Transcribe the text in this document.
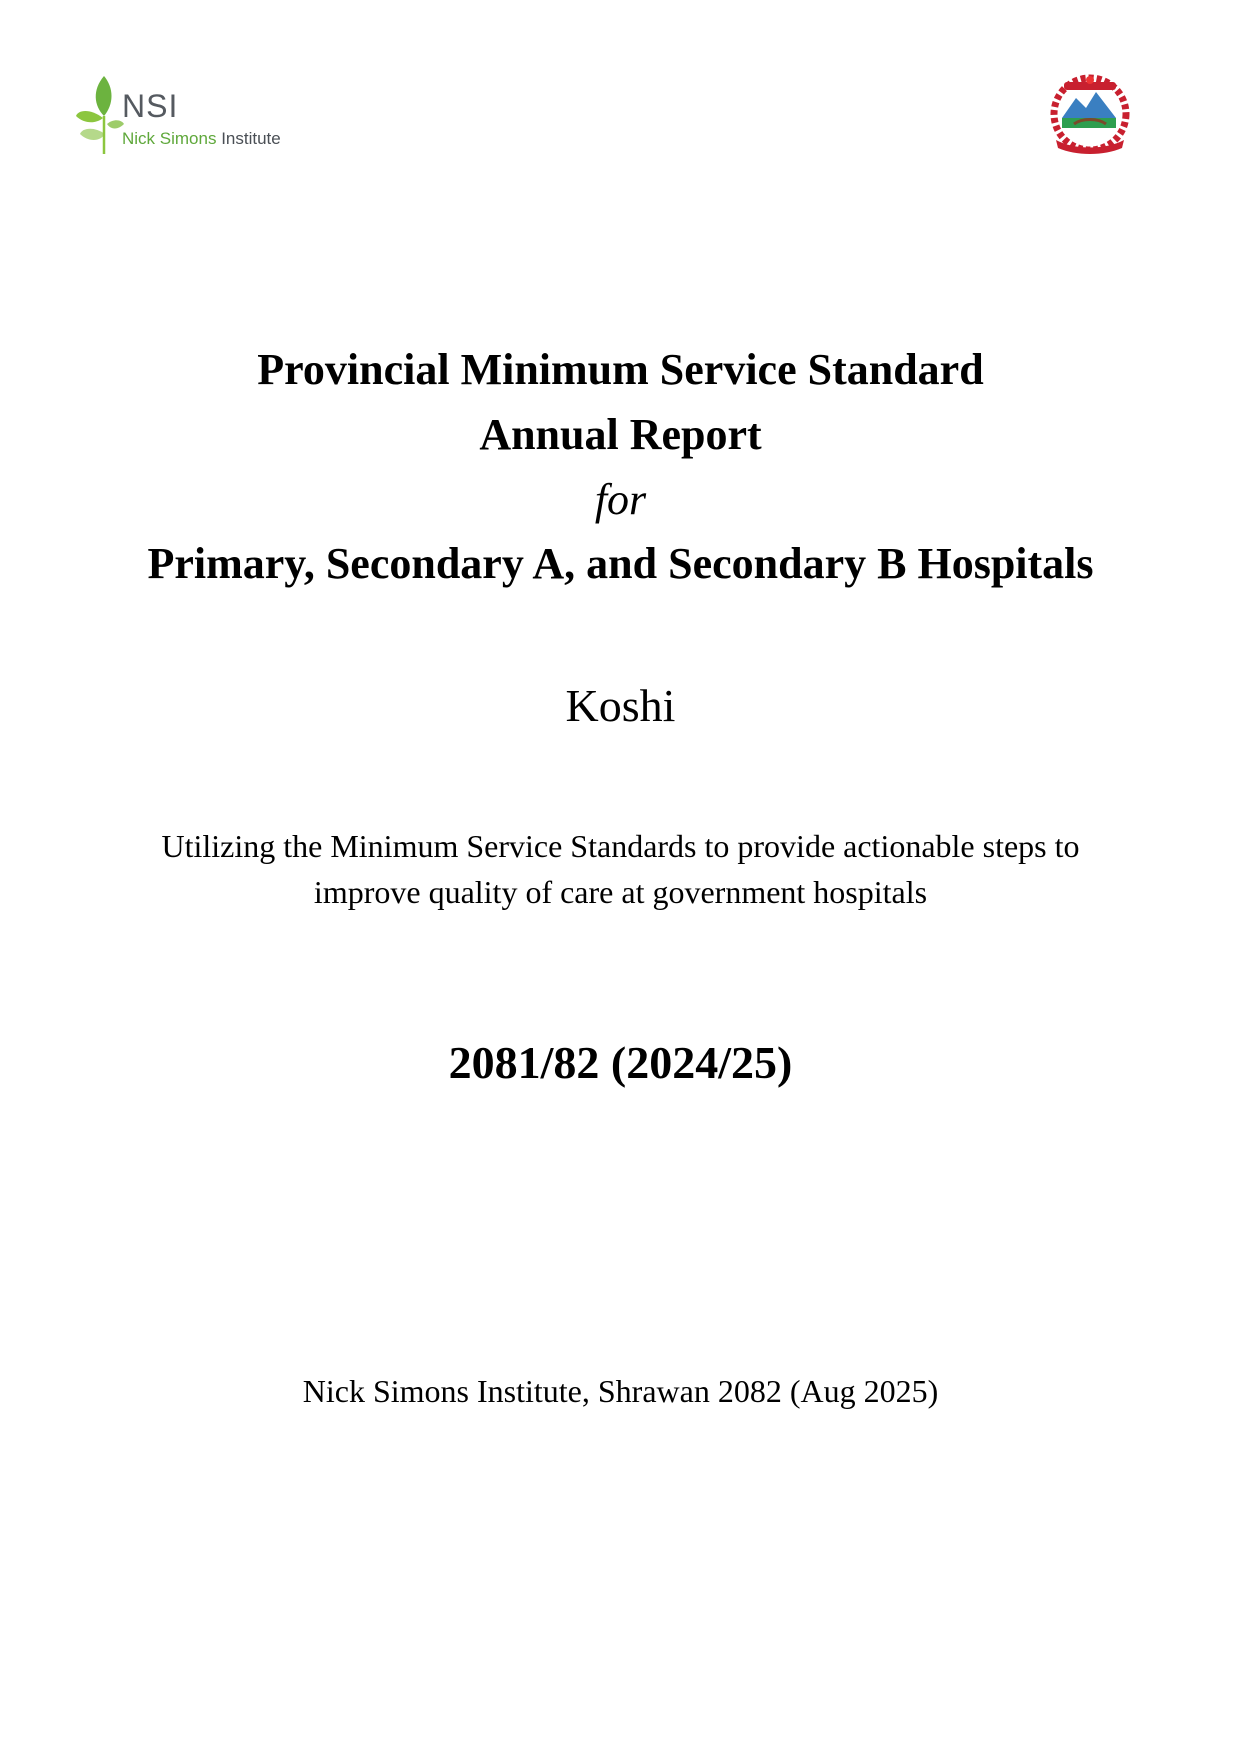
NSI
Nick Simons Institute
Provincial Minimum Service Standard
Annual Report
for
Primary, Secondary A, and Secondary B Hospitals
Koshi
Utilizing the Minimum Service Standards to provide actionable steps to
improve quality of care at government hospitals
2081/82 (2024/25)
Nick Simons Institute, Shrawan 2082 (Aug 2025)
